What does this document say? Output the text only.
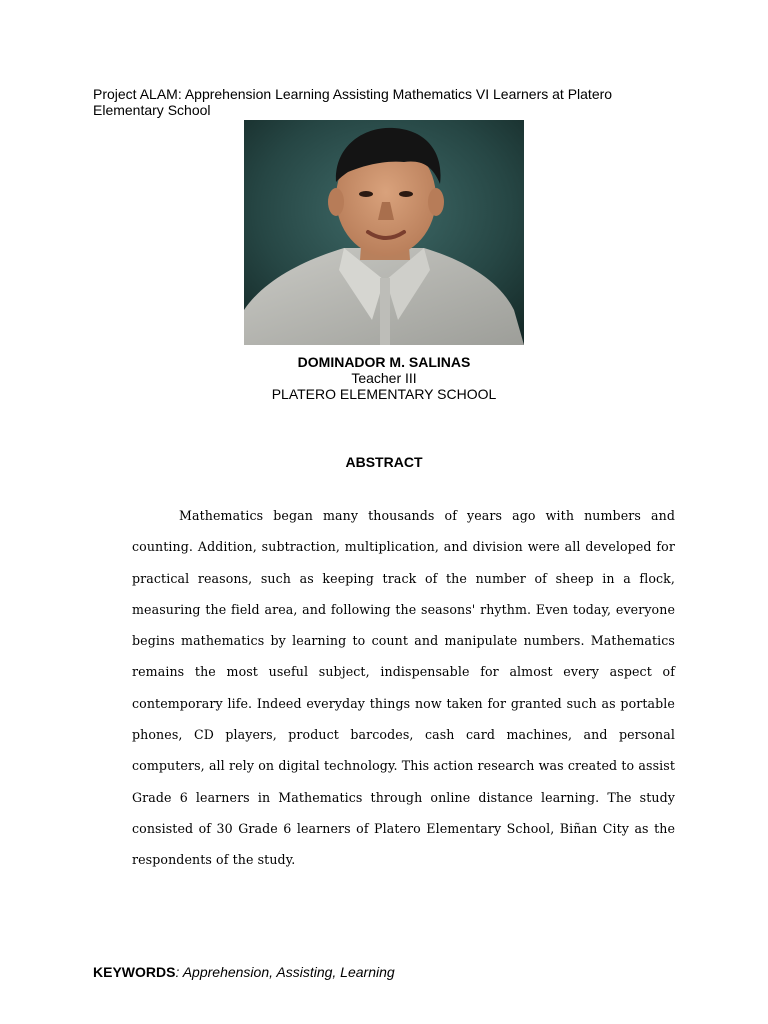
Project ALAM: Apprehension Learning Assisting Mathematics VI Learners at Platero Elementary School
DOMINADOR M. SALINAS
Teacher III
PLATERO ELEMENTARY SCHOOL
ABSTRACT

Mathematics began many thousands of years ago with numbers and counting. Addition, subtraction, multiplication, and division were all developed for practical reasons, such as keeping track of the number of sheep in a flock, measuring the field area, and following the seasons' rhythm. Even today, everyone begins mathematics by learning to count and manipulate numbers. Mathematics remains the most useful subject, indispensable for almost every aspect of contemporary life. Indeed everyday things now taken for granted such as portable phones, CD players, product barcodes, cash card machines, and personal computers, all rely on digital technology. This action research was created to assist Grade 6 learners in Mathematics through online distance learning. The study consisted of 30 Grade 6 learners of Platero Elementary School, Biñan City as the respondents of the study.

KEYWORDS: Apprehension, Assisting, Learning
